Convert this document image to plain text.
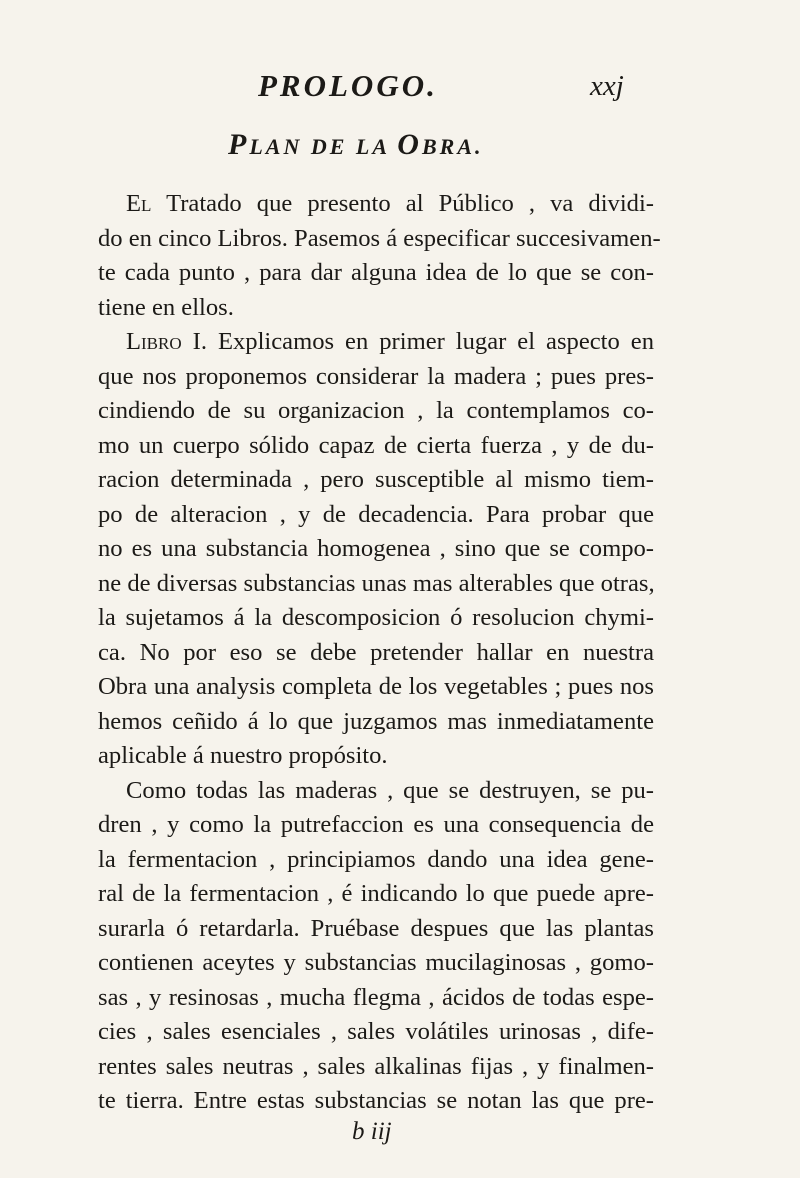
PROLOGO.	xxj
PLAN DE LA OBRA.
El Tratado que presento al Público , va dividi-
do en cinco Libros. Pasemos á especificar succesivamen-
te cada punto , para dar alguna idea de lo que se con-
tiene en ellos.
Libro I. Explicamos en primer lugar el aspecto en
que nos proponemos considerar la madera ; pues pres-
cindiendo de su organizacion , la contemplamos co-
mo un cuerpo sólido capaz de cierta fuerza , y de du-
racion determinada , pero susceptible al mismo tiem-
po de alteracion , y de decadencia. Para probar que
no es una substancia homogenea , sino que se compo-
ne de diversas substancias unas mas alterables que otras,
la sujetamos á la descomposicion ó resolucion chymi-
ca. No por eso se debe pretender hallar en nuestra
Obra una analysis completa de los vegetables ; pues nos
hemos ceñido á lo que juzgamos mas inmediatamente
aplicable á nuestro propósito.
Como todas las maderas , que se destruyen, se pu-
dren , y como la putrefaccion es una consequencia de
la fermentacion , principiamos dando una idea gene-
ral de la fermentacion , é indicando lo que puede apre-
surarla ó retardarla. Pruébase despues que las plantas
contienen aceytes y substancias mucilaginosas , gomo-
sas , y resinosas , mucha flegma , ácidos de todas espe-
cies , sales esenciales , sales volátiles urinosas , dife-
rentes sales neutras , sales alkalinas fijas , y finalmen-
te tierra. Entre estas substancias se notan las que pre-
b iij
